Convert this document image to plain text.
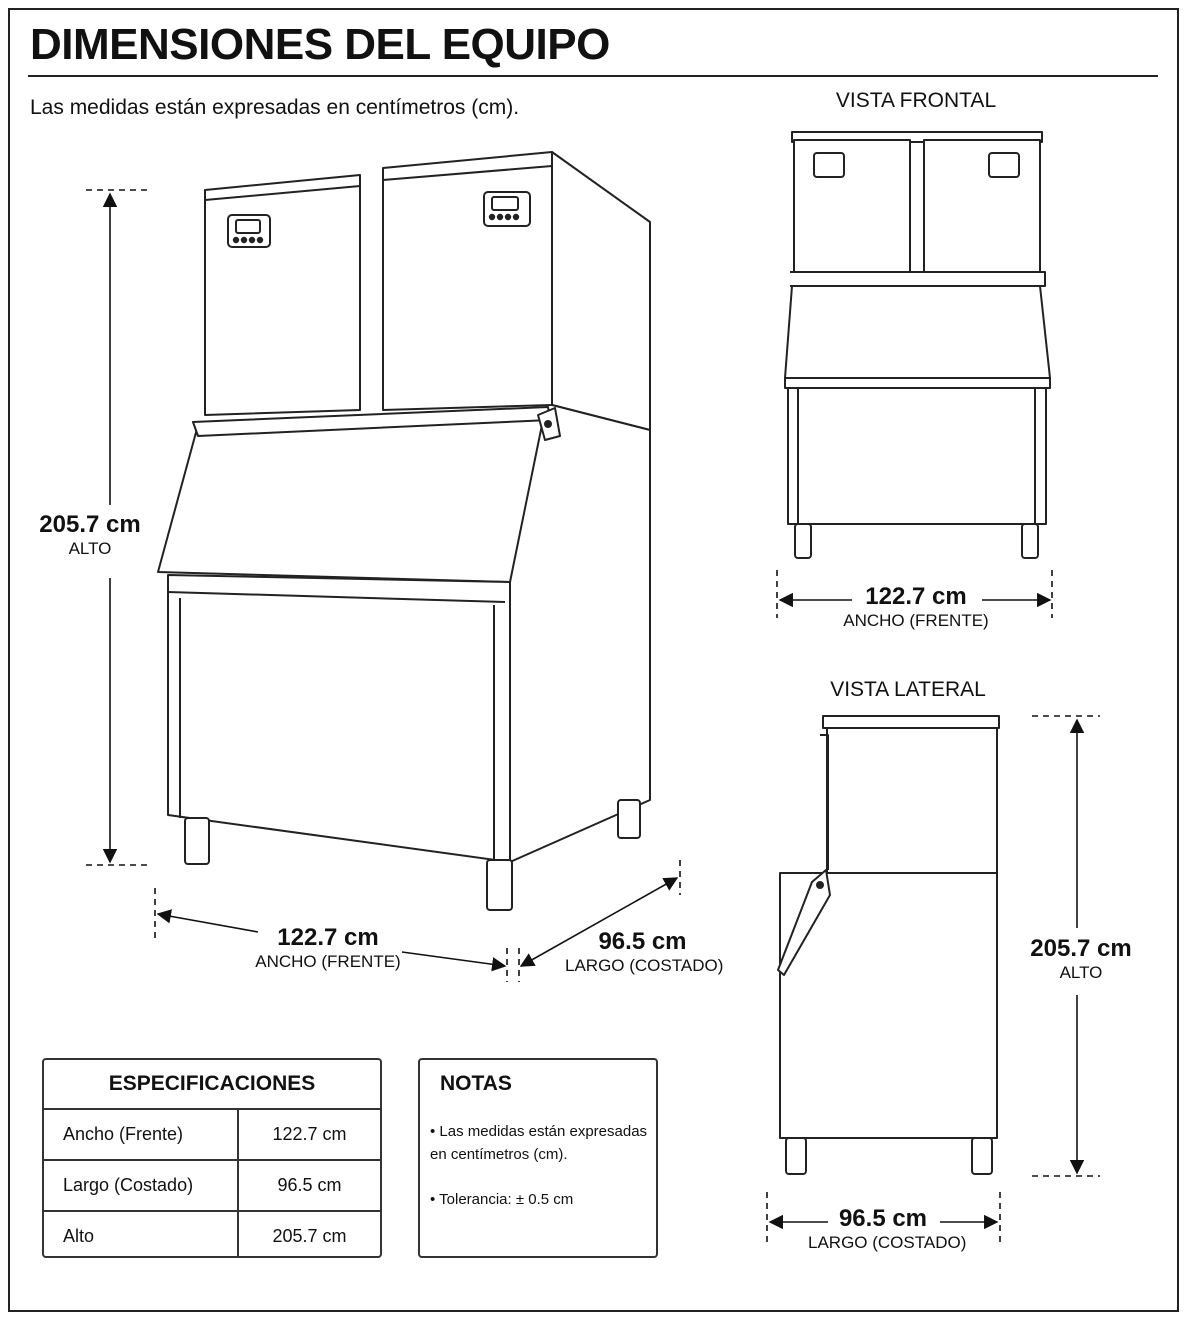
DIMENSIONES DEL EQUIPO
Las medidas están expresadas en centímetros (cm).
205.7 cm
ALTO
122.7 cm
ANCHO (FRENTE)
96.5 cm
LARGO (COSTADO)
VISTA FRONTAL
122.7 cm
ANCHO (FRENTE)
VISTA LATERAL
205.7 cm
ALTO
96.5 cm
LARGO (COSTADO)
ESPECIFICACIONES
Ancho (Frente)	122.7 cm
Largo (Costado)	96.5 cm
Alto	205.7 cm
NOTAS
• Las medidas están expresadas en centímetros (cm).
• Tolerancia: ± 0.5 cm
